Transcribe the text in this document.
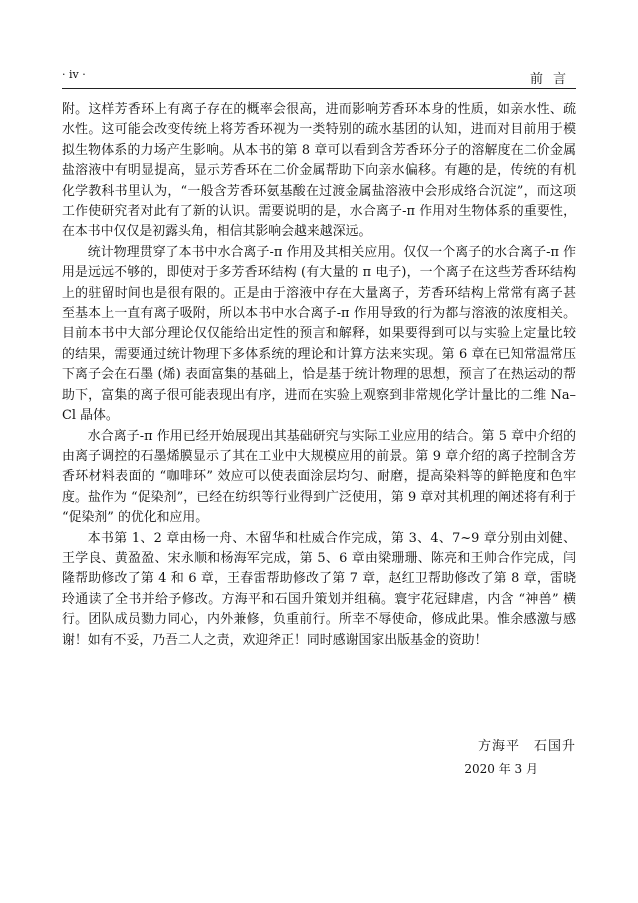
· iv ·	前言

附。这样芳香环上有离子存在的概率会很高，进而影响芳香环本身的性质，如亲水性、疏水性。这可能会改变传统上将芳香环视为一类特别的疏水基团的认知，进而对目前用于模拟生物体系的力场产生影响。从本书的第 8 章可以看到含芳香环分子的溶解度在二价金属盐溶液中有明显提高，显示芳香环在二价金属帮助下向亲水偏移。有趣的是，传统的有机化学教科书里认为，“一般含芳香环氨基酸在过渡金属盐溶液中会形成络合沉淀”，而这项工作使研究者对此有了新的认识。需要说明的是，水合离子-π 作用对生物体系的重要性，在本书中仅仅是初露头角，相信其影响会越来越深远。

统计物理贯穿了本书中水合离子-π 作用及其相关应用。仅仅一个离子的水合离子-π 作用是远远不够的，即使对于多芳香环结构 (有大量的 π 电子)，一个离子在这些芳香环结构上的驻留时间也是很有限的。正是由于溶液中存在大量离子，芳香环结构上常常有离子甚至基本上一直有离子吸附，所以本书中水合离子-π 作用导致的行为都与溶液的浓度相关。目前本书中大部分理论仅仅能给出定性的预言和解释，如果要得到可以与实验上定量比较的结果，需要通过统计物理下多体系统的理论和计算方法来实现。第 6 章在已知常温常压下离子会在石墨 (烯) 表面富集的基础上，恰是基于统计物理的思想，预言了在热运动的帮助下，富集的离子很可能表现出有序，进而在实验上观察到非常规化学计量比的二维 Na–Cl 晶体。

水合离子-π 作用已经开始展现出其基础研究与实际工业应用的结合。第 5 章中介绍的由离子调控的石墨烯膜显示了其在工业中大规模应用的前景。第 9 章介绍的离子控制含芳香环材料表面的 “咖啡环” 效应可以使表面涂层均匀、耐磨，提高染料等的鲜艳度和色牢度。盐作为 “促染剂”，已经在纺织等行业得到广泛使用，第 9 章对其机理的阐述将有利于 “促染剂” 的优化和应用。

本书第 1、2 章由杨一舟、木留华和杜威合作完成，第 3、4、7~9 章分别由刘健、王学良、黄盈盈、宋永顺和杨海军完成，第 5、6 章由梁珊珊、陈亮和王帅合作完成，闫隆帮助修改了第 4 和 6 章，王春雷帮助修改了第 7 章，赵红卫帮助修改了第 8 章，雷晓玲通读了全书并给予修改。方海平和石国升策划并组稿。寰宇花冠肆虐，内含 “神兽” 横行。团队成员勠力同心，内外兼修，负重前行。所幸不辱使命，修成此果。惟余感激与感谢！如有不妥，乃吾二人之责，欢迎斧正！同时感谢国家出版基金的资助！

方海平　石国升
2020 年 3 月
